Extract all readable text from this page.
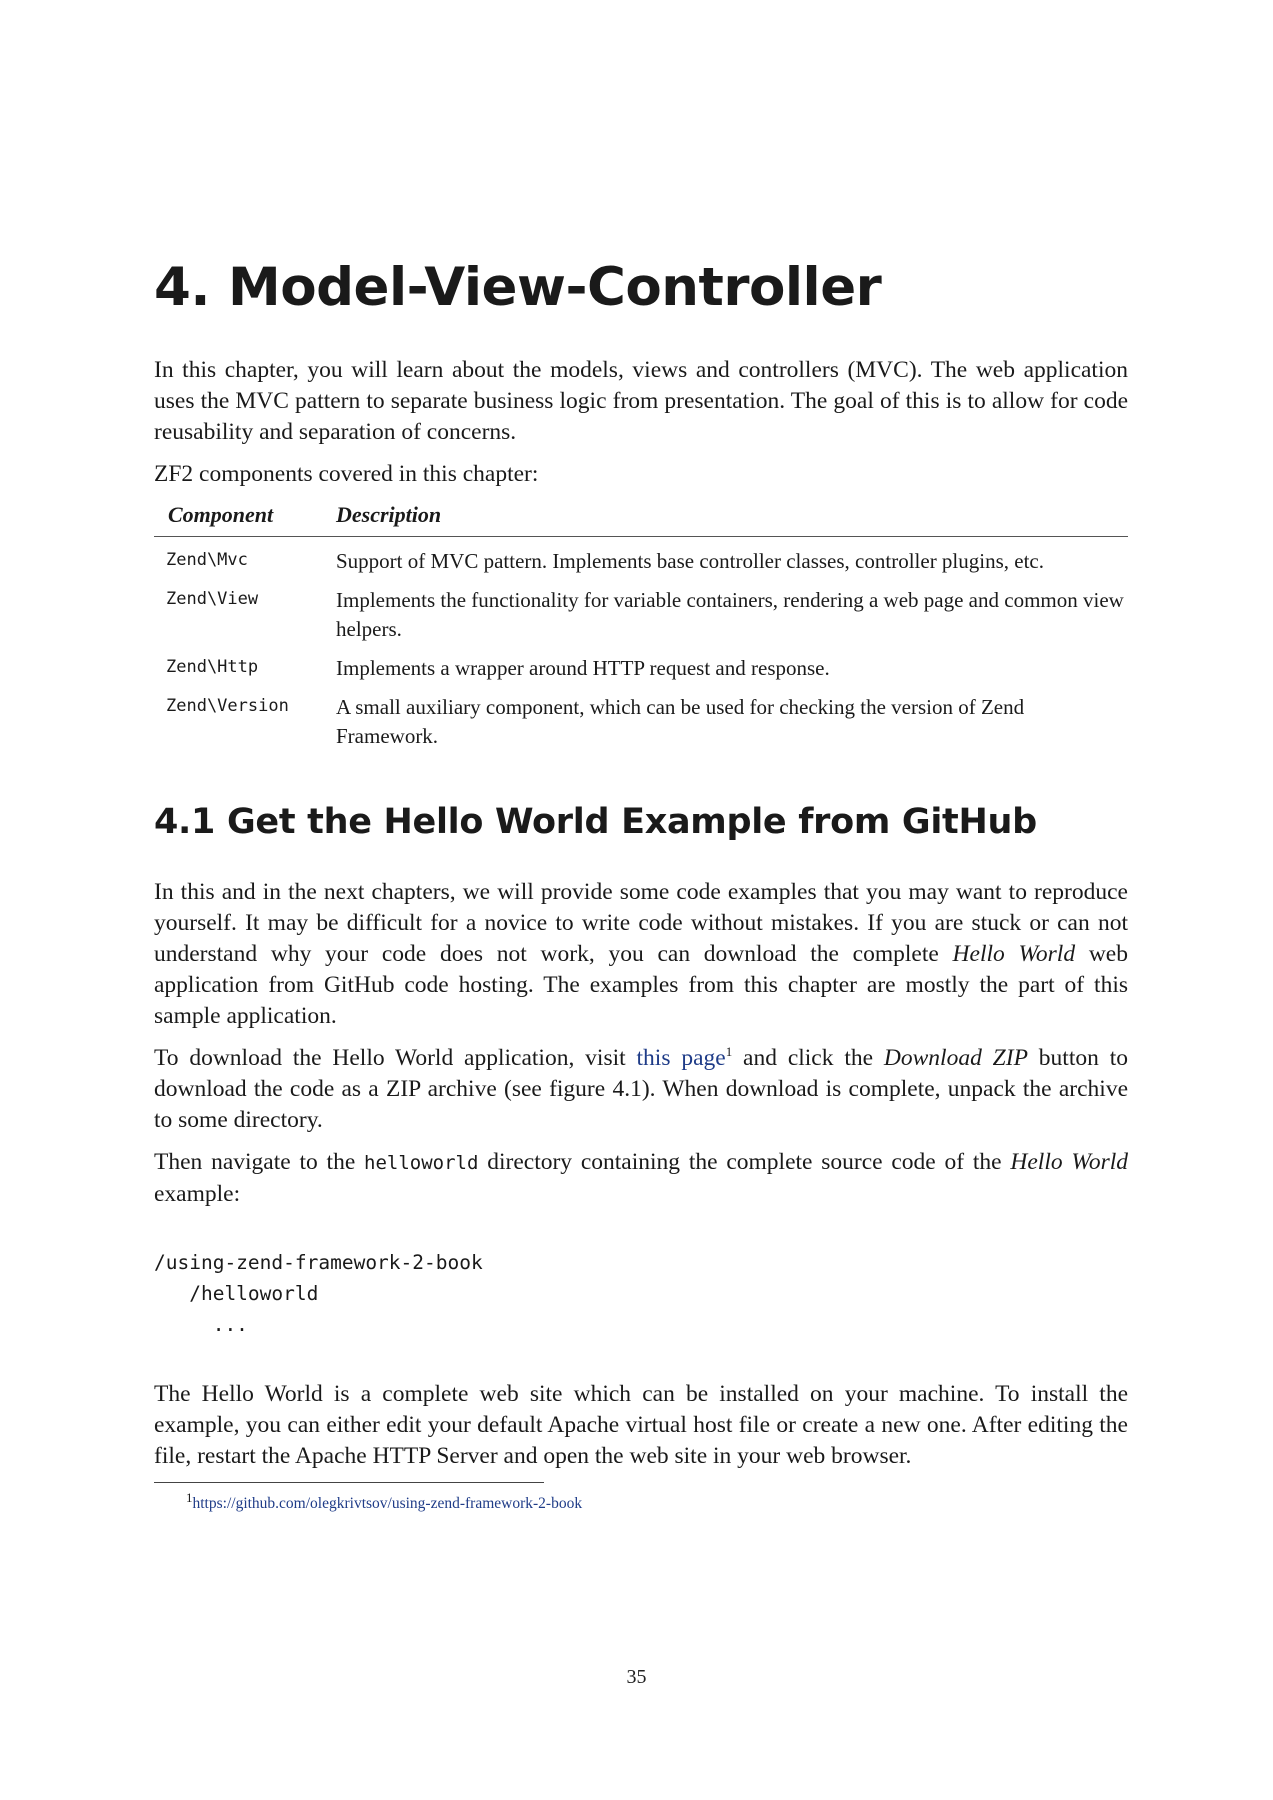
4. Model-View-Controller

In this chapter, you will learn about the models, views and controllers (MVC). The web application uses the MVC pattern to separate business logic from presentation. The goal of this is to allow for code reusability and separation of concerns.

ZF2 components covered in this chapter:

Component	Description
Zend\Mvc	Support of MVC pattern. Implements base controller classes, controller plugins, etc.
Zend\View	Implements the functionality for variable containers, rendering a web page and common view helpers.
Zend\Http	Implements a wrapper around HTTP request and response.
Zend\Version	A small auxiliary component, which can be used for checking the version of Zend Framework.
4.1 Get the Hello World Example from GitHub

In this and in the next chapters, we will provide some code examples that you may want to reproduce yourself. It may be difficult for a novice to write code without mistakes. If you are stuck or can not understand why your code does not work, you can download the complete Hello World web application from GitHub code hosting. The examples from this chapter are mostly the part of this sample application.

To download the Hello World application, visit this page$^1$ and click the Download ZIP button to download the code as a ZIP archive (see figure 4.1). When download is complete, unpack the archive to some directory.

Then navigate to the helloworld directory containing the complete source code of the Hello World example:

/using-zend-framework-2-book
/helloworld
...

The Hello World is a complete web site which can be installed on your machine. To install the example, you can either edit your default Apache virtual host file or create a new one. After editing the file, restart the Apache HTTP Server and open the web site in your web browser.

$^1$https://github.com/olegkrivtsov/using-zend-framework-2-book
35
